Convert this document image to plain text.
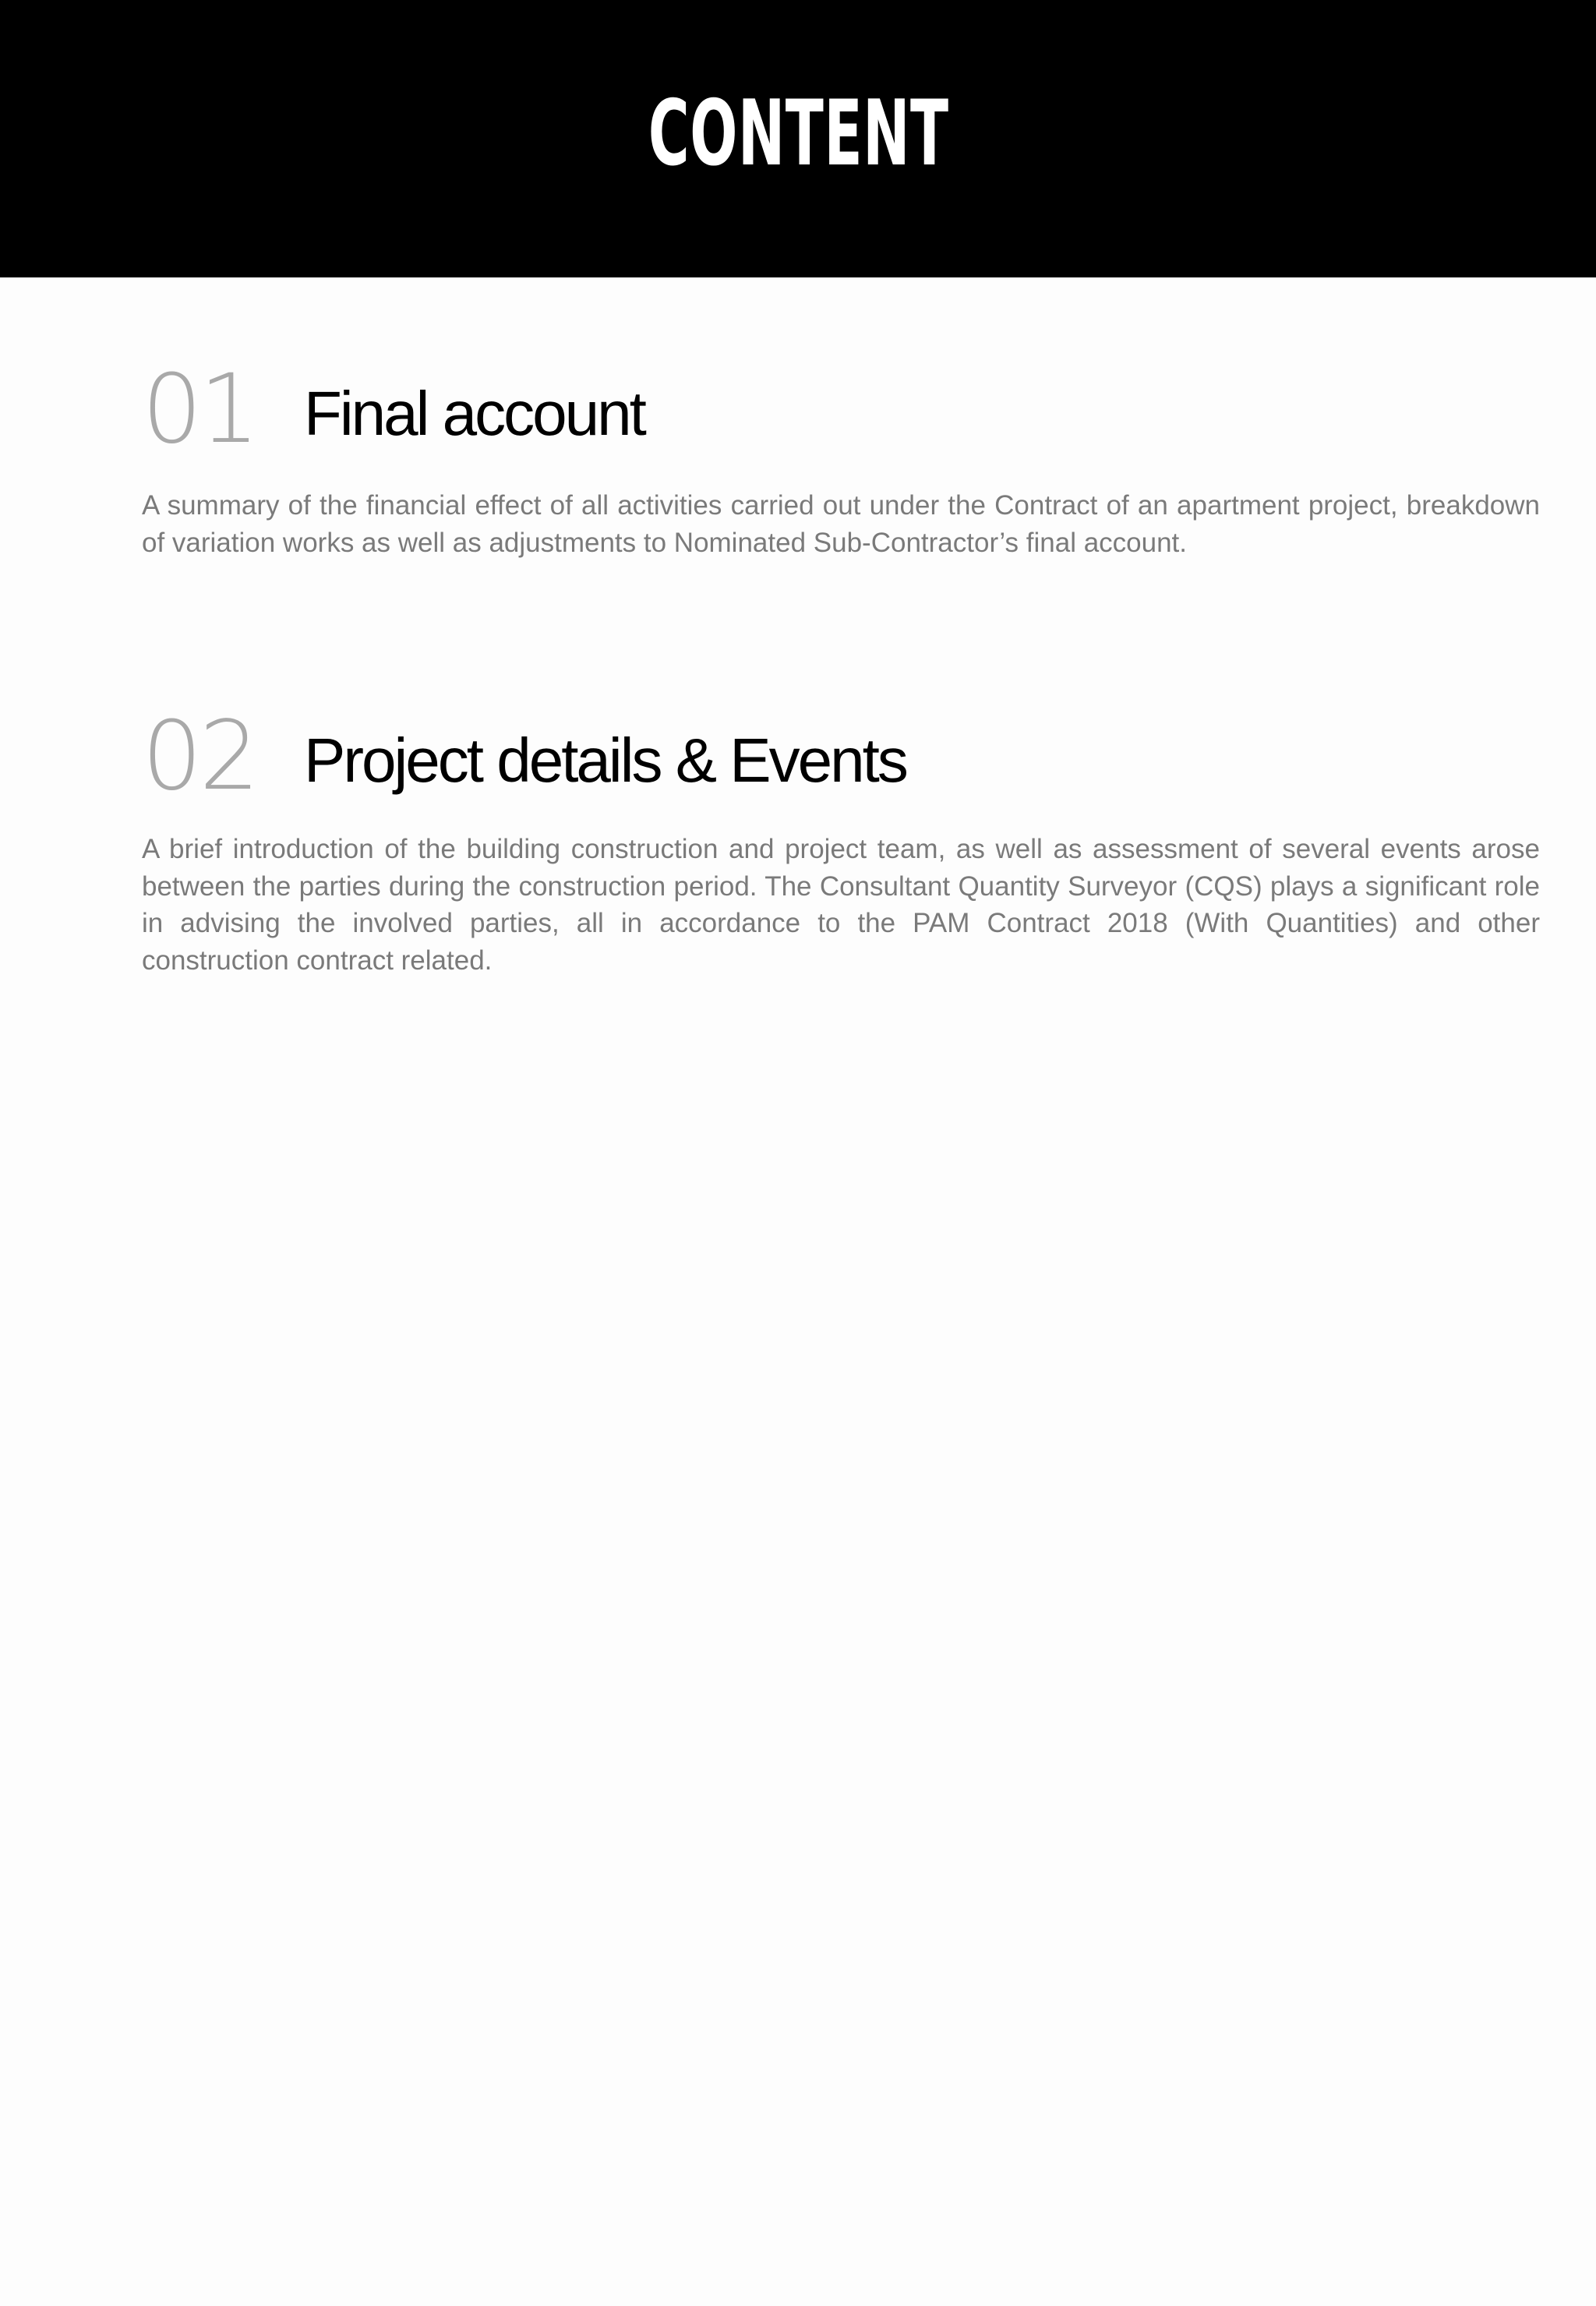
CONTENT
01 Final account
A summary of the financial effect of all activities carried out under the Contract of an apartment project, breakdown of variation works as well as adjustments to Nominated Sub-Contractor’s final account.
02 Project details & Events
A brief introduction of the building construction and project team, as well as assessment of several events arose between the parties during the construction period. The Consultant Quantity Surveyor (CQS) plays a significant role in advising the involved parties, all in accordance to the PAM Contract 2018 (With Quantities) and other construction contract related.
